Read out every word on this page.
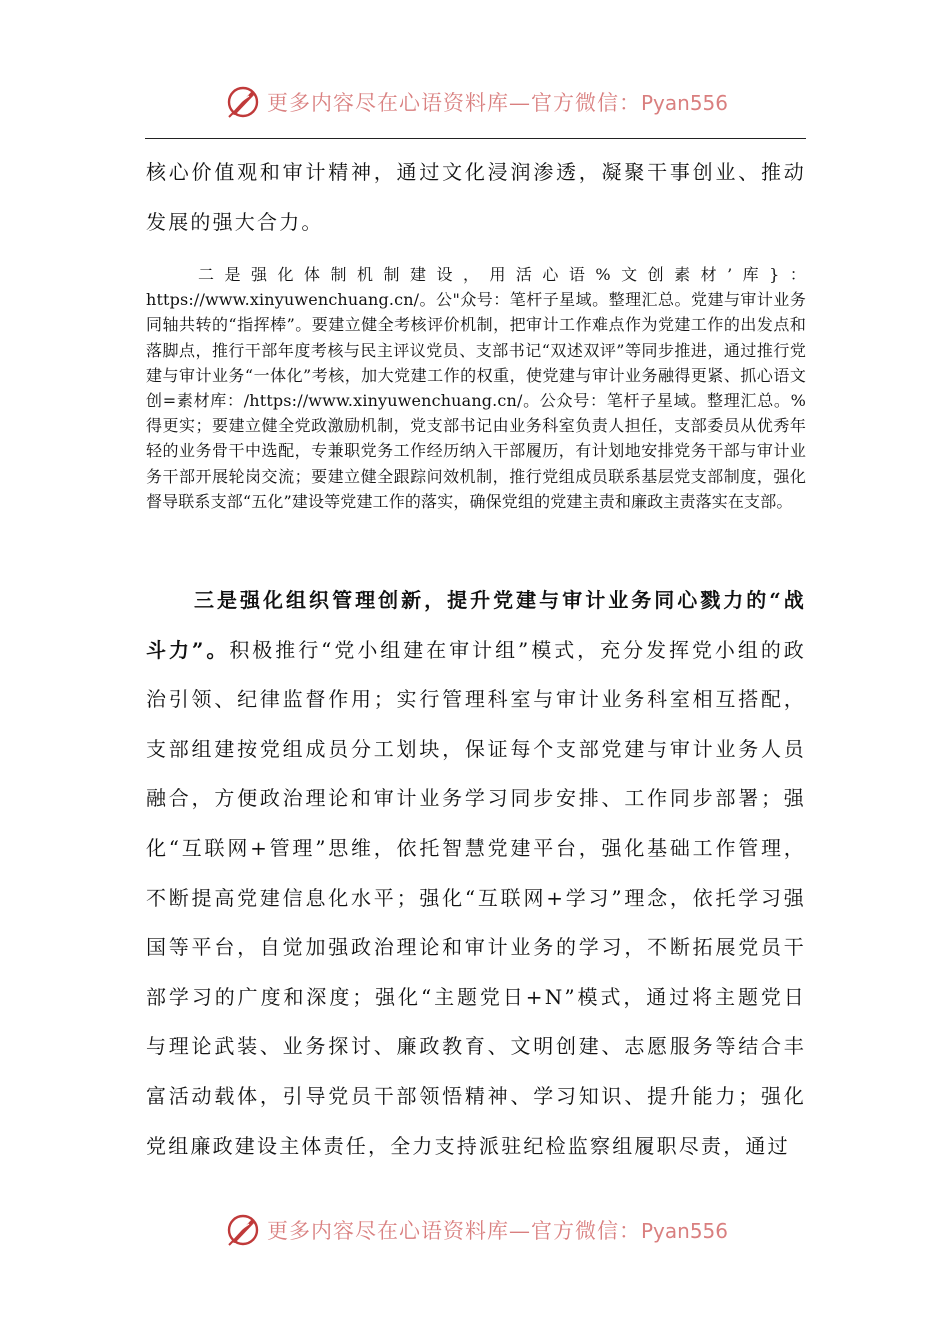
更多内容尽在心语资料库—官方微信：Pyan556

核心价值观和审计精神，通过文化浸润渗透，凝聚干事创业、推动发展的强大合力。

二是强化体制机制建设，用活心语%文创素材’库}：https://www.xinyuwenchuang.cn/。公"众号：笔杆子星域。整理汇总。党建与审计业务同轴共转的“指挥棒”。要建立健全考核评价机制，把审计工作难点作为党建工作的出发点和落脚点，推行干部年度考核与民主评议党员、支部书记“双述双评”等同步推进，通过推行党建与审计业务“一体化”考核，加大党建工作的权重，使党建与审计业务融得更紧、抓心语文创=素材库：/https://www.xinyuwenchuang.cn/。公众号：笔杆子星域。整理汇总。%得更实；要建立健全党政激励机制，党支部书记由业务科室负责人担任，支部委员从优秀年轻的业务骨干中选配，专兼职党务工作经历纳入干部履历，有计划地安排党务干部与审计业务干部开展轮岗交流；要建立健全跟踪问效机制，推行党组成员联系基层党支部制度，强化督导联系支部“五化”建设等党建工作的落实，确保党组的党建主责和廉政主责落实在支部。

三是强化组织管理创新，提升党建与审计业务同心戮力的“战斗力”。积极推行“党小组建在审计组”模式，充分发挥党小组的政治引领、纪律监督作用；实行管理科室与审计业务科室相互搭配，支部组建按党组成员分工划块，保证每个支部党建与审计业务人员融合，方便政治理论和审计业务学习同步安排、工作同步部署；强化“互联网+管理”思维，依托智慧党建平台，强化基础工作管理，不断提高党建信息化水平；强化“互联网+学习”理念，依托学习强国等平台，自觉加强政治理论和审计业务的学习，不断拓展党员干部学习的广度和深度；强化“主题党日+N”模式，通过将主题党日与理论武装、业务探讨、廉政教育、文明创建、志愿服务等结合丰富活动载体，引导党员干部领悟精神、学习知识、提升能力；强化党组廉政建设主体责任，全力支持派驻纪检监察组履职尽责，通过

更多内容尽在心语资料库—官方微信：Pyan556
